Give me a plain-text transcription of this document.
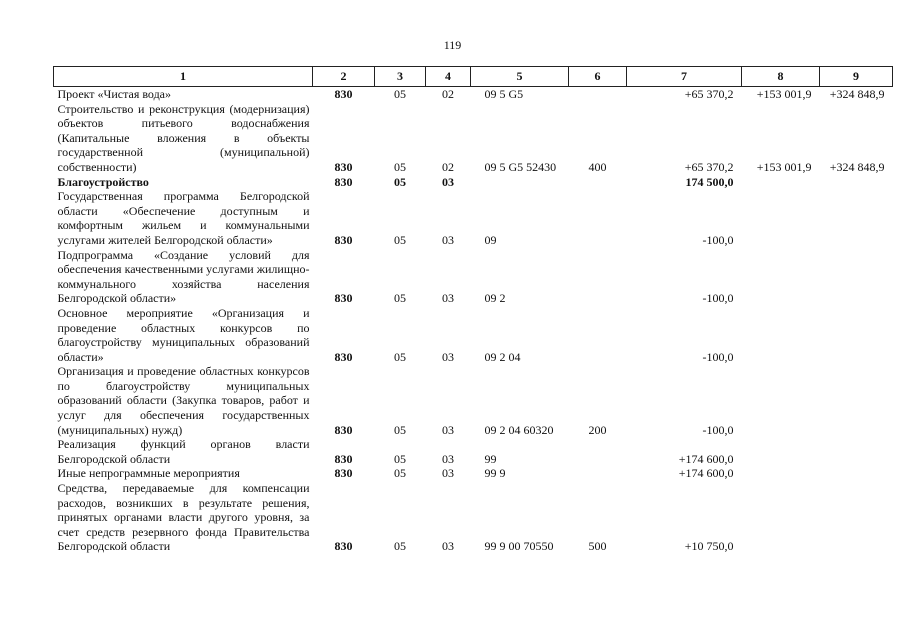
119
1	2	3	4	5	6	7	8	9
Проект «Чистая вода»	830	05	02	09 5 G5		+65 370,2	+153 001,9	+324 848,9
Строительство и реконструкция (модернизация) объектов питьевого водоснабжения (Капитальные вложения в объекты государственной (муниципальной) собственности)	830	05	02	09 5 G5 52430	400	+65 370,2	+153 001,9	+324 848,9
Благоустройство	830	05	03			174 500,0		
Государственная программа Белгородской области «Обеспечение доступным и комфортным жильем и коммунальными услугами жителей Белгородской области»	830	05	03	09		-100,0		
Подпрограмма «Создание условий для обеспечения качественными услугами жилищно-коммунального хозяйства населения Белгородской области»	830	05	03	09 2		-100,0		
Основное мероприятие «Организация и проведение областных конкурсов по благоустройству муниципальных образований области»	830	05	03	09 2 04		-100,0		
Организация и проведение областных конкурсов по благоустройству муниципальных образований области (Закупка товаров, работ и услуг для обеспечения государственных (муниципальных) нужд)	830	05	03	09 2 04 60320	200	-100,0		
Реализация функций органов власти Белгородской области	830	05	03	99		+174 600,0		
Иные непрограммные мероприятия	830	05	03	99 9		+174 600,0		
Средства, передаваемые для компенсации расходов, возникших в результате решения, принятых органами власти другого уровня, за счет средств резервного фонда Правительства Белгородской области	830	05	03	99 9 00 70550	500	+10 750,0		
